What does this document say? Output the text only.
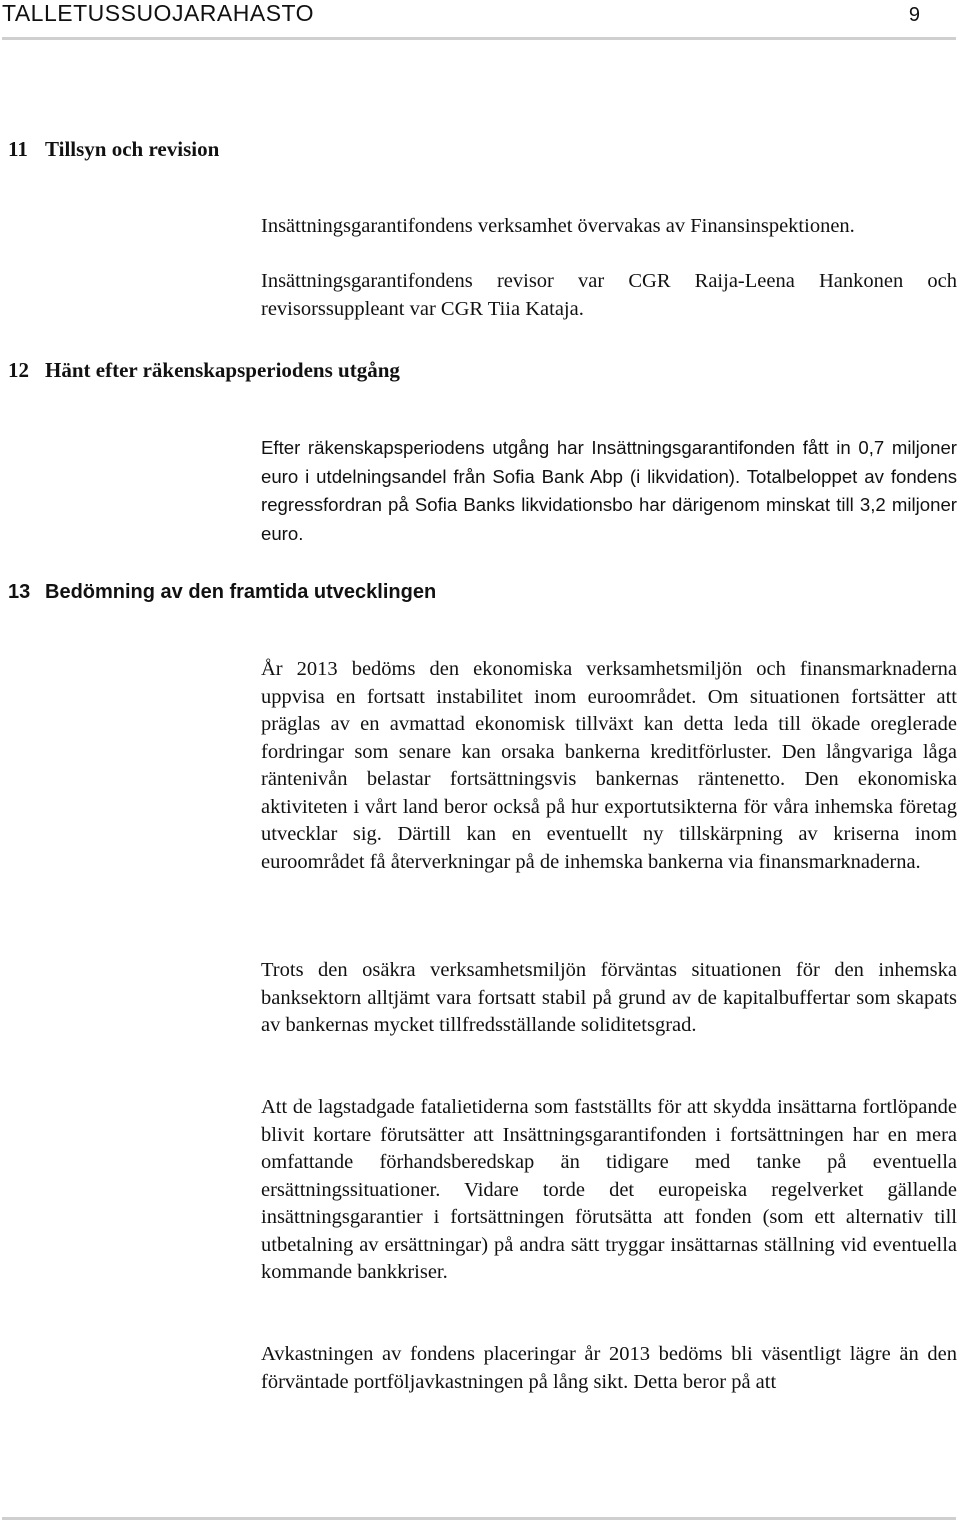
TALLETUSSUOJARAHASTO	9
11 Tillsyn och revision

Insättningsgarantifondens verksamhet övervakas av Finansinspektionen.

Insättningsgarantifondens revisor var CGR Raija-Leena Hankonen och revisorssuppleant var CGR Tiia Kataja.

12 Hänt efter räkenskapsperiodens utgång

Efter räkenskapsperiodens utgång har Insättningsgarantifonden fått in 0,7 miljoner euro i utdelningsandel från Sofia Bank Abp (i likvidation). Totalbeloppet av fondens regressfordran på Sofia Banks likvidationsbo har därigenom minskat till 3,2 miljoner euro.

13 Bedömning av den framtida utvecklingen

År 2013 bedöms den ekonomiska verksamhetsmiljön och finansmarknaderna uppvisa en fortsatt instabilitet inom euroområdet. Om situationen fortsätter att präglas av en avmattad ekonomisk tillväxt kan detta leda till ökade oreglerade fordringar som senare kan orsaka bankerna kreditförluster. Den långvariga låga räntenivån belastar fortsättningsvis bankernas räntenetto. Den ekonomiska aktiviteten i vårt land beror också på hur exportutsikterna för våra inhemska företag utvecklar sig. Därtill kan en eventuellt ny tillskärpning av kriserna inom euroområdet få återverkningar på de inhemska bankerna via finansmarknaderna.

Trots den osäkra verksamhetsmiljön förväntas situationen för den inhemska banksektorn alltjämt vara fortsatt stabil på grund av de kapitalbuffertar som skapats av bankernas mycket tillfredsställande soliditetsgrad.

Att de lagstadgade fatalietiderna som fastställts för att skydda insättarna fortlöpande blivit kortare förutsätter att Insättningsgarantifonden i fortsättningen har en mera omfattande förhandsberedskap än tidigare med tanke på eventuella ersättningssituationer. Vidare torde det europeiska regelverket gällande insättningsgarantier i fortsättningen förutsätta att fonden (som ett alternativ till utbetalning av ersättningar) på andra sätt tryggar insättarnas ställning vid eventuella kommande bankkriser.

Avkastningen av fondens placeringar år 2013 bedöms bli väsentligt lägre än den förväntade portföljavkastningen på lång sikt. Detta beror på att
